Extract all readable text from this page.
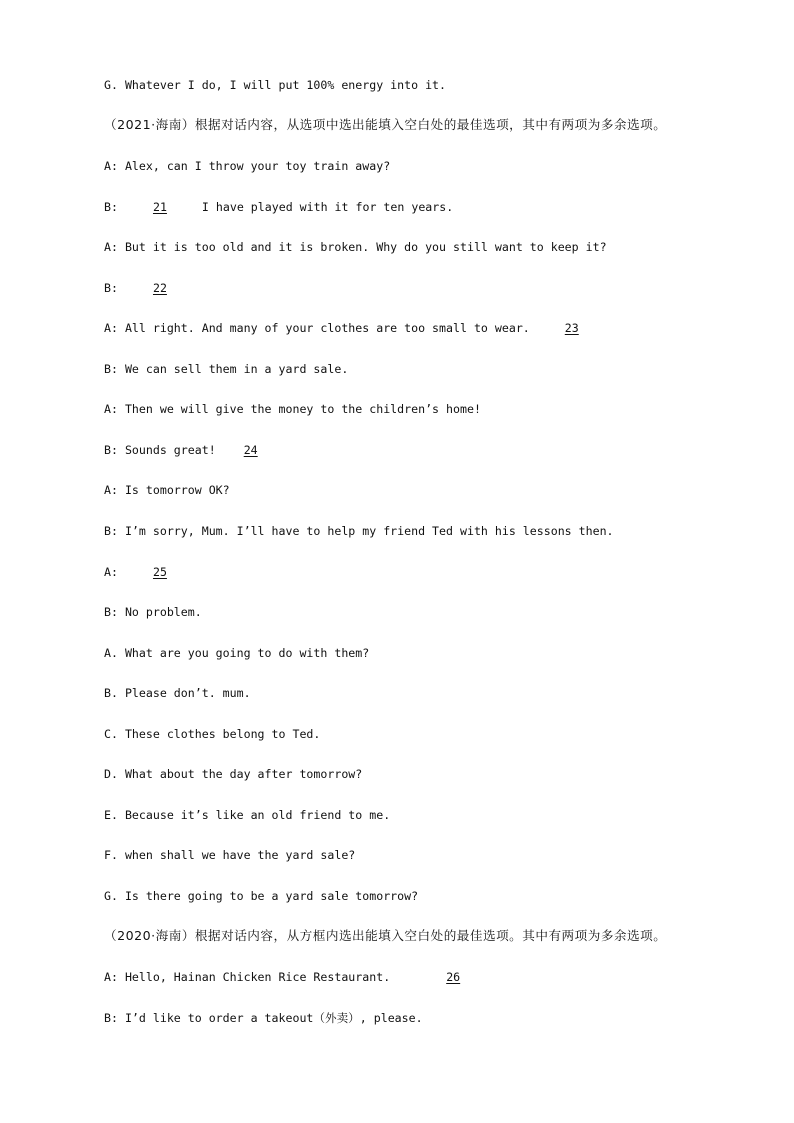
G. Whatever I do, I will put 100% energy into it.
（2021·海南）根据对话内容，从选项中选出能填入空白处的最佳选项，其中有两项为多余选项。
A: Alex, can I throw your toy train away?
B: 21 I have played with it for ten years.
A: But it is too old and it is broken. Why do you still want to keep it?
B: 22
A: All right. And many of your clothes are too small to wear. 23
B: We can sell them in a yard sale.
A: Then we will give the money to the children’s home!
B: Sounds great! 24
A: Is tomorrow OK?
B: I’m sorry, Mum. I’ll have to help my friend Ted with his lessons then.
A: 25
B: No problem.
A. What are you going to do with them?
B. Please don’t. mum.
C. These clothes belong to Ted.
D. What about the day after tomorrow?
E. Because it’s like an old friend to me.
F. when shall we have the yard sale?
G. Is there going to be a yard sale tomorrow?
（2020·海南）根据对话内容，从方框内选出能填入空白处的最佳选项。其中有两项为多余选项。
A: Hello, Hainan Chicken Rice Restaurant.	26
B: I’d like to order a takeout（外卖）, please.
